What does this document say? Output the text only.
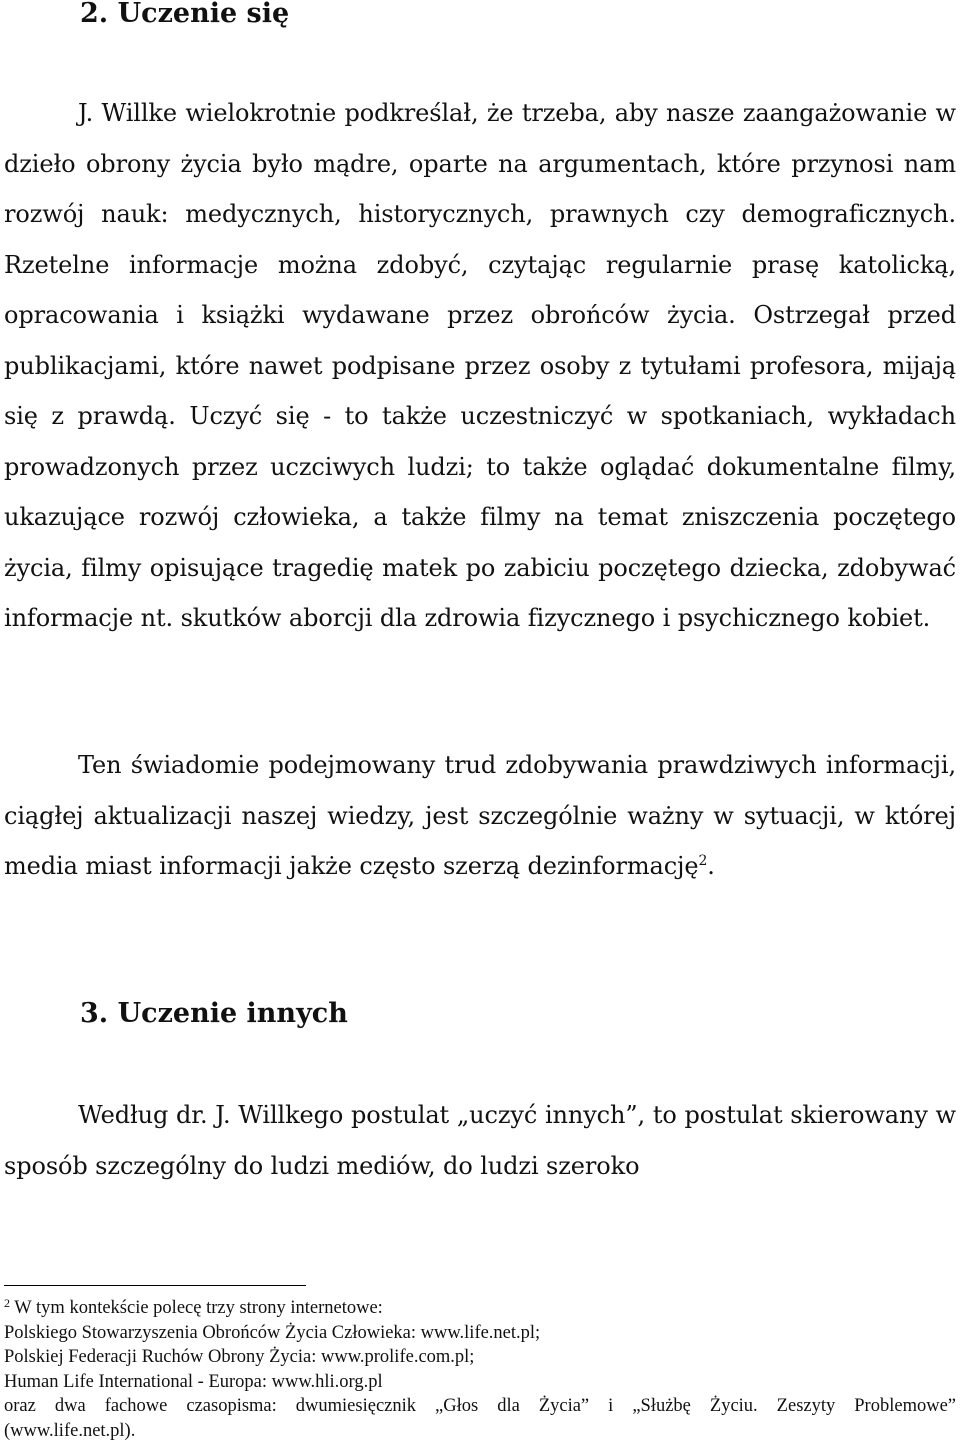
2. Uczenie się

J. Willke wielokrotnie podkreślał, że trzeba, aby nasze zaangażowanie w dzieło obrony życia było mądre, oparte na argumentach, które przynosi nam rozwój nauk: medycznych, historycznych, prawnych czy demograficznych. Rzetelne informacje można zdobyć, czytając regularnie prasę katolicką, opracowania i książki wydawane przez obrońców życia. Ostrzegał przed publikacjami, które nawet podpisane przez osoby z tytułami profesora, mijają się z prawdą. Uczyć się - to także uczestniczyć w spotkaniach, wykładach prowadzonych przez uczciwych ludzi; to także oglądać dokumentalne filmy, ukazujące rozwój człowieka, a także filmy na temat zniszczenia poczętego życia, filmy opisujące tragedię matek po zabiciu poczętego dziecka, zdobywać informacje nt. skutków aborcji dla zdrowia fizycznego i psychicznego kobiet.

Ten świadomie podejmowany trud zdobywania prawdziwych informacji, ciągłej aktualizacji naszej wiedzy, jest szczególnie ważny w sytuacji, w której media miast informacji jakże często szerzą dezinformację$^2$.

3. Uczenie innych

Według dr. J. Willkego postulat „uczyć innych”, to postulat skierowany w sposób szczególny do ludzi mediów, do ludzi szeroko

$^2$ W tym kontekście polecę trzy strony internetowe:
Polskiego Stowarzyszenia Obrońców Życia Człowieka: www.life.net.pl;
Polskiej Federacji Ruchów Obrony Życia: www.prolife.com.pl;
Human Life International - Europa: www.hli.org.pl
oraz dwa fachowe czasopisma: dwumiesięcznik „Głos dla Życia” i „Służbę Życiu. Zeszyty Problemowe”
(www.life.net.pl).
